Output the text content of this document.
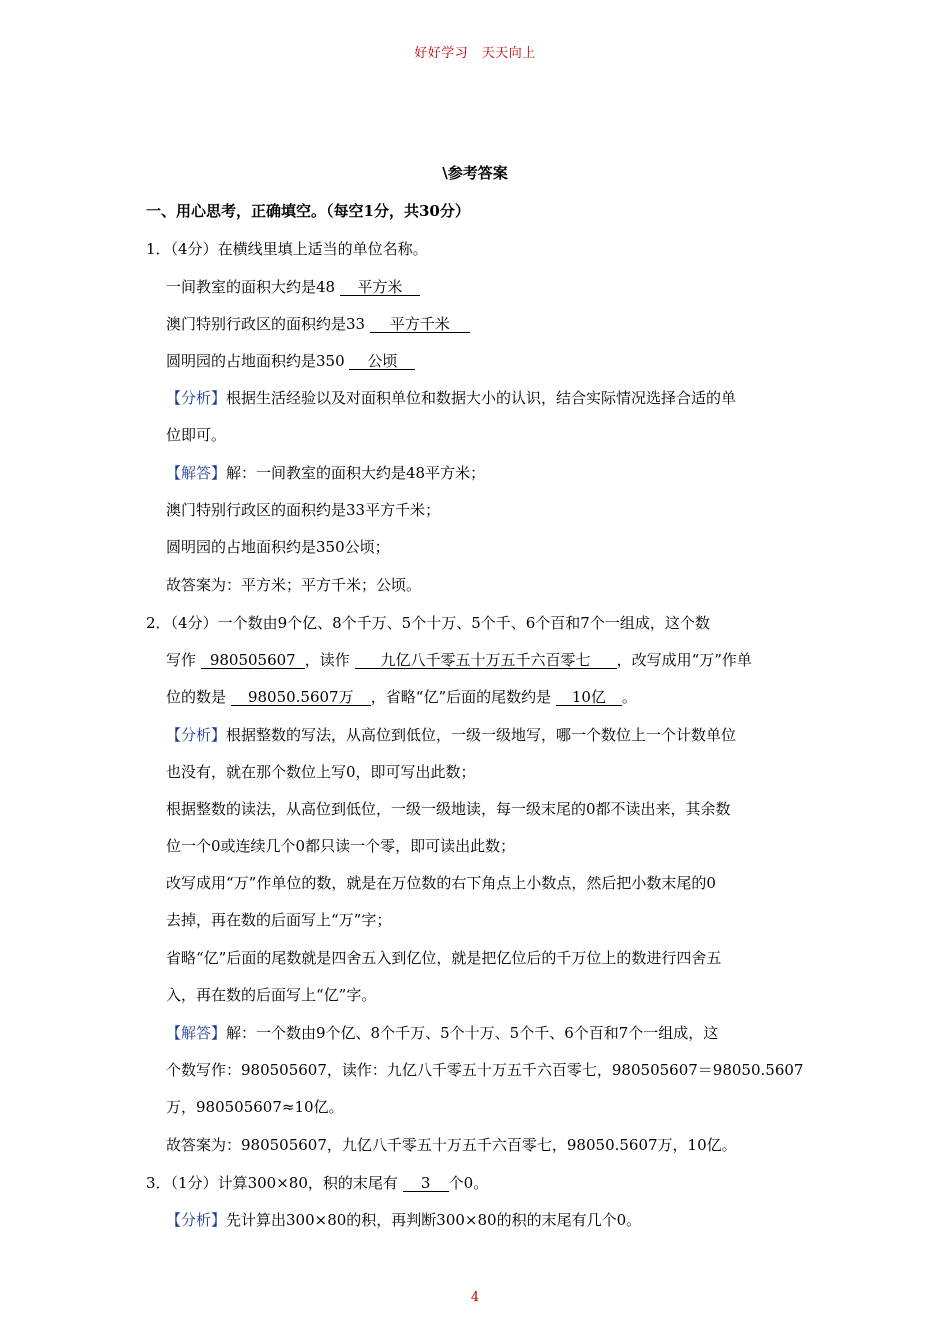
好好学习　天天向上
\参考答案
一、用心思考，正确填空。（每空1分，共30分）
1．（4分）在横线里填上适当的单位名称。
一间教室的面积大约是48 平方米
澳门特别行政区的面积约是33 平方千米
圆明园的占地面积约是350 公顷
【分析】根据生活经验以及对面积单位和数据大小的认识，结合实际情况选择合适的单
位即可。
【解答】解：一间教室的面积大约是48平方米；
澳门特别行政区的面积约是33平方千米；
圆明园的占地面积约是350公顷；
故答案为：平方米；平方千米；公顷。
2．（4分）一个数由9个亿、8个千万、5个十万、5个千、6个百和7个一组成，这个数
写作 980505607 ，读作 九亿八千零五十万五千六百零七 ，改写成用“万”作单
位的数是 98050.5607万 ，省略“亿”后面的尾数约是 10亿 。
【分析】根据整数的写法，从高位到低位，一级一级地写，哪一个数位上一个计数单位
也没有，就在那个数位上写0，即可写出此数；
根据整数的读法，从高位到低位，一级一级地读，每一级末尾的0都不读出来，其余数
位一个0或连续几个0都只读一个零，即可读出此数；
改写成用“万”作单位的数，就是在万位数的右下角点上小数点，然后把小数末尾的0
去掉，再在数的后面写上“万”字；
省略“亿”后面的尾数就是四舍五入到亿位，就是把亿位后的千万位上的数进行四舍五
入，再在数的后面写上“亿”字。
【解答】解：一个数由9个亿、8个千万、5个十万、5个千、6个百和7个一组成，这
个数写作：980505607，读作：九亿八千零五十万五千六百零七，980505607＝98050.5607
万，980505607≈10亿。
故答案为：980505607，九亿八千零五十万五千六百零七，98050.5607万，10亿。
3．（1分）计算300×80，积的末尾有 3 个0。
【分析】先计算出300×80的积，再判断300×80的积的末尾有几个0。
4
